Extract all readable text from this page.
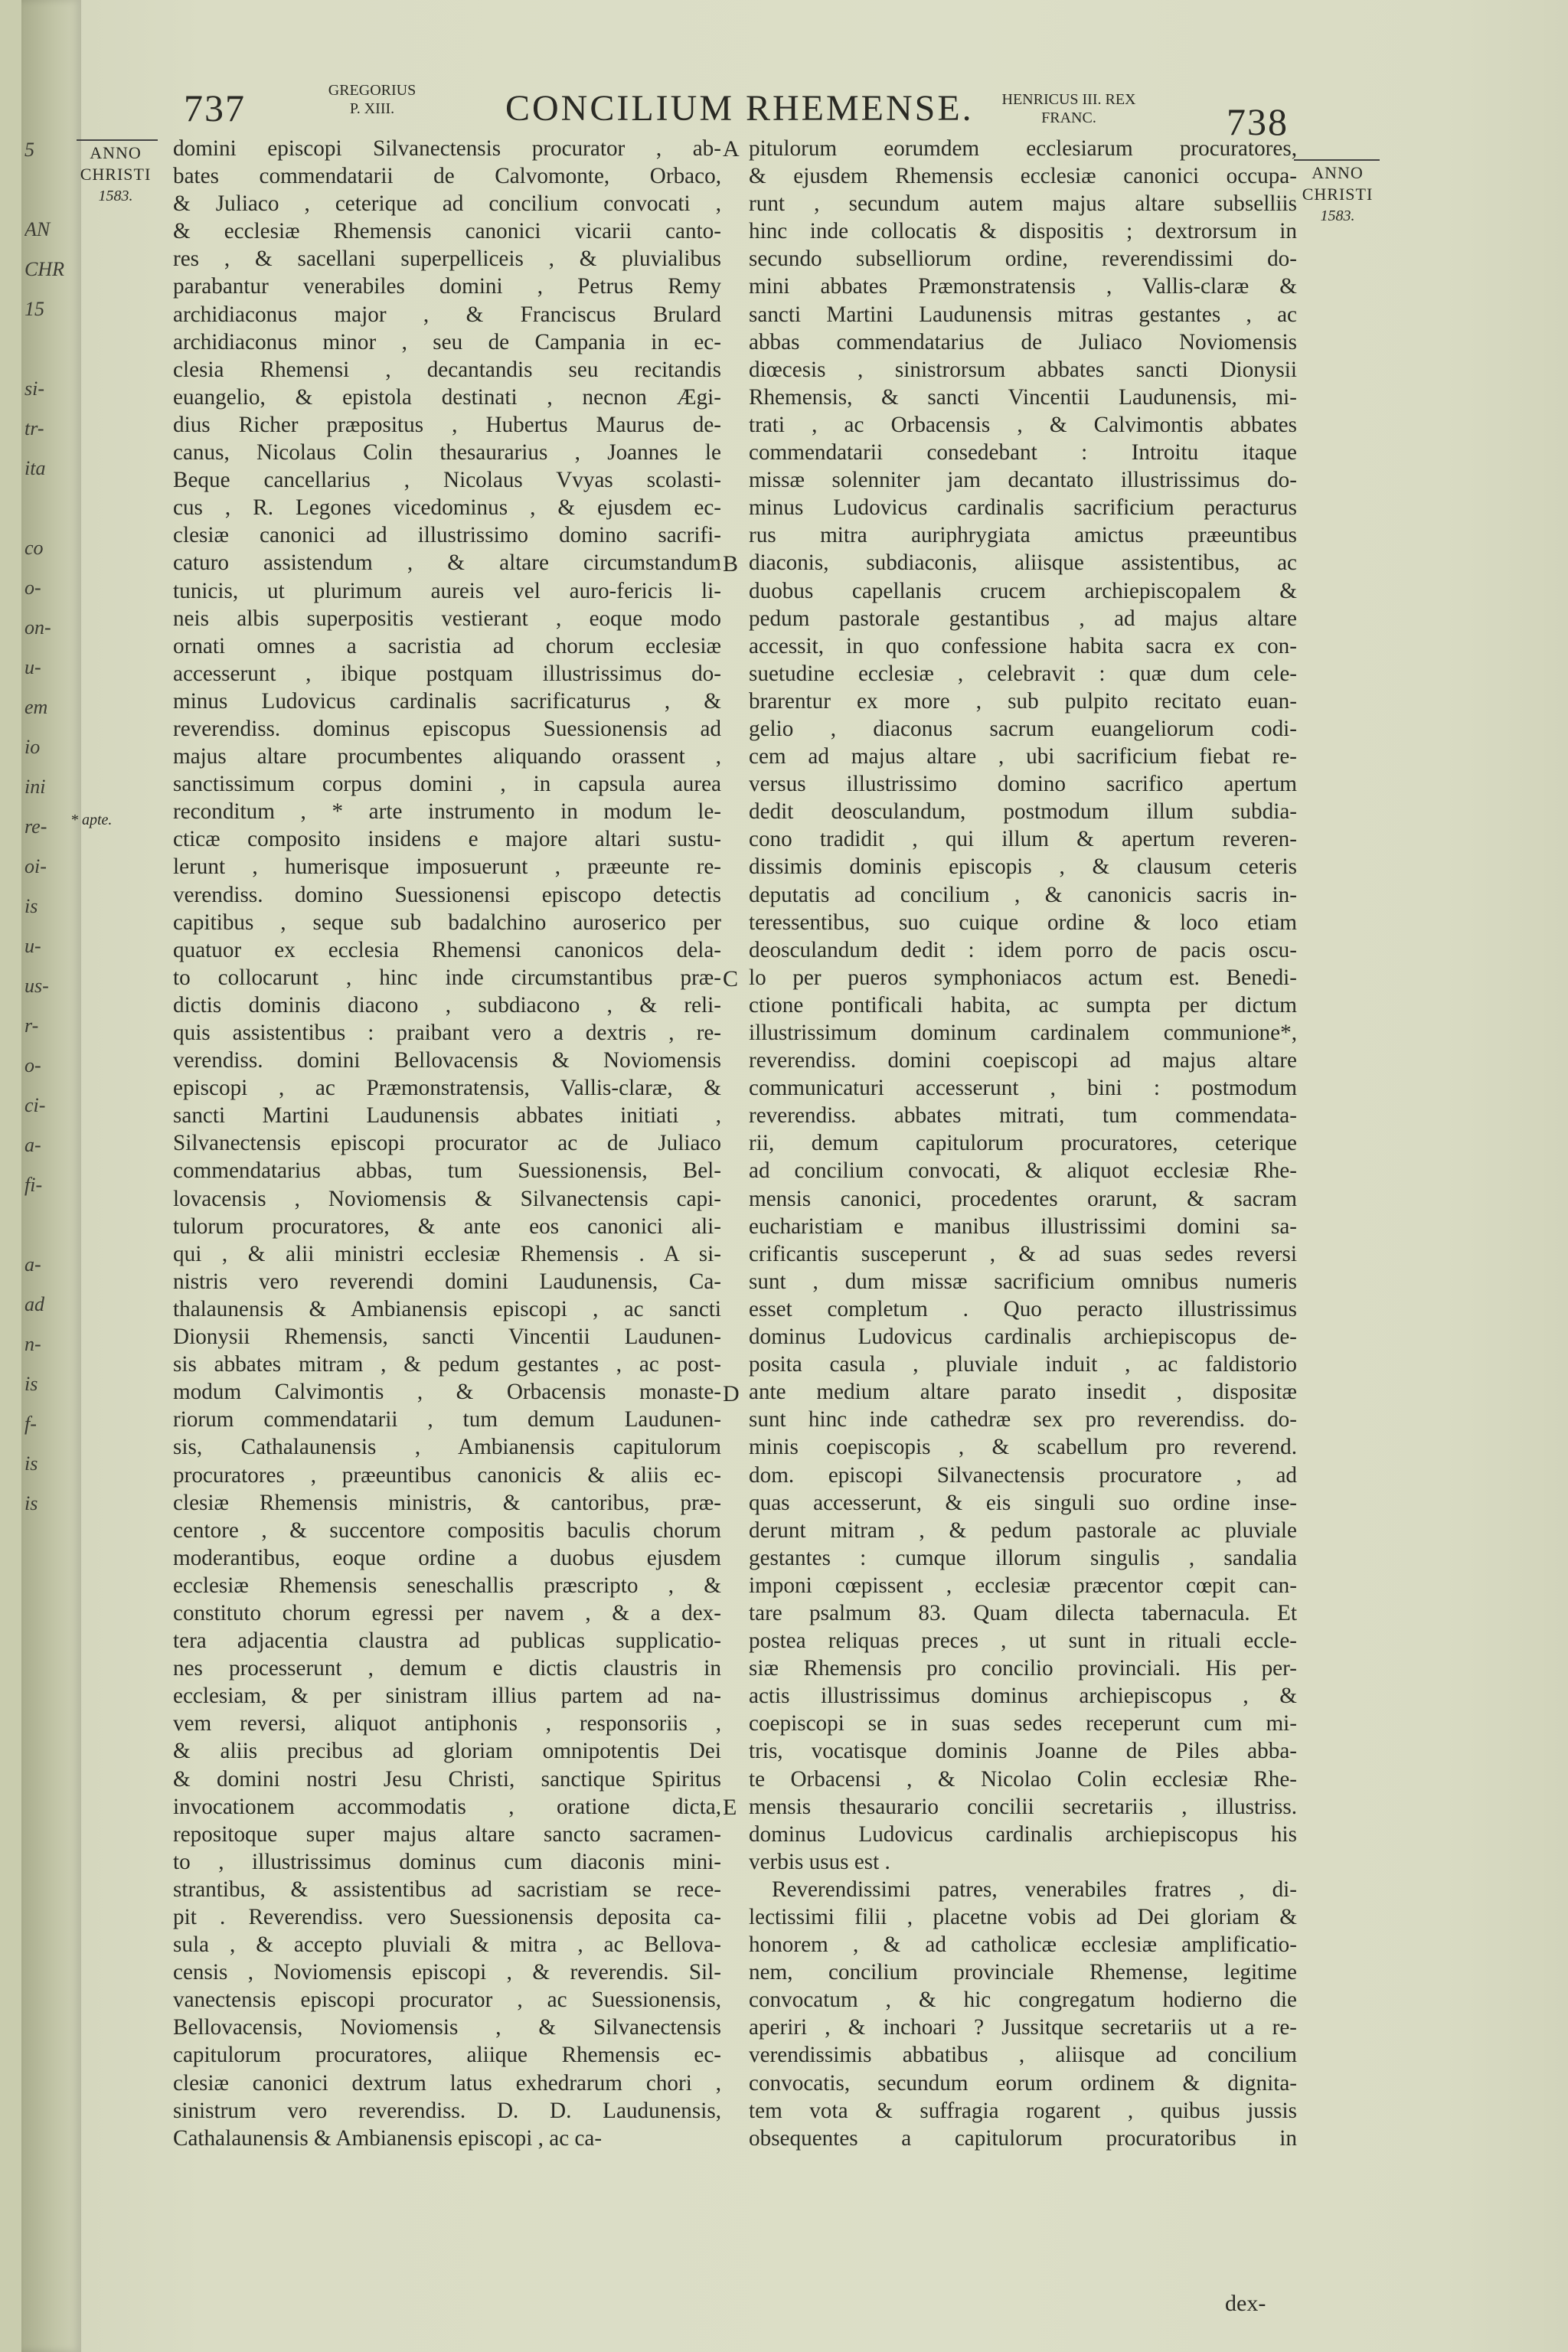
5

AN
CHR
15

si-
tr-
ita

co
o-
on-
u-
em
io
ini
re-
oi-
is
u-
us-
r-
o-
ci-
a-
fi-

a-
ad
n-
is
f-
is
is
737	GREGORIUS P. XIII.	CONCILIUM RHEMENSE. HENRICUS III. REX FRANC.	738
ANNO CHRISTI
1583.
ANNO CHRISTI
1583.
* apte.
A
B
C
D
E
domini episcopi Silvanectensis procurator , ab-
bates commendatarii de Calvomonte, Orbaco,
& Juliaco , ceterique ad concilium convocati ,
& ecclesiæ Rhemensis canonici vicarii canto-
res , & sacellani superpelliceis , & pluvialibus
parabantur venerabiles domini , Petrus Remy
archidiaconus major , & Franciscus Brulard
archidiaconus minor , seu de Campania in ec-
clesia Rhemensi , decantandis seu recitandis
euangelio, & epistola destinati , necnon Ægi-
dius Richer præpositus , Hubertus Maurus de-
canus, Nicolaus Colin thesaurarius , Joannes le
Beque cancellarius , Nicolaus Vvyas scolasti-
cus , R. Legones vicedominus , & ejusdem ec-
clesiæ canonici ad illustrissimo domino sacrifi-
caturo assistendum , & altare circumstandum
tunicis, ut plurimum aureis vel auro-fericis li-
neis albis superpositis vestierant , eoque modo
ornati omnes a sacristia ad chorum ecclesiæ
accesserunt , ibique postquam illustrissimus do-
minus Ludovicus cardinalis sacrificaturus , &
reverendiss. dominus episcopus Suessionensis ad
majus altare procumbentes aliquando orassent ,
sanctissimum corpus domini , in capsula aurea
reconditum , * arte instrumento in modum le-
cticæ composito insidens e majore altari sustu-
lerunt , humerisque imposuerunt , præeunte re-
verendiss. domino Suessionensi episcopo detectis
capitibus , seque sub badalchino auroserico per
quatuor ex ecclesia Rhemensi canonicos dela-
to collocarunt , hinc inde circumstantibus præ-
dictis dominis diacono , subdiacono , & reli-
quis assistentibus : praibant vero a dextris , re-
verendiss. domini Bellovacensis & Noviomensis
episcopi , ac Præmonstratensis, Vallis-claræ, &
sancti Martini Laudunensis abbates initiati ,
Silvanectensis episcopi procurator ac de Juliaco
commendatarius abbas, tum Suessionensis, Bel-
lovacensis , Noviomensis & Silvanectensis capi-
tulorum procuratores, & ante eos canonici ali-
qui , & alii ministri ecclesiæ Rhemensis . A si-
nistris vero reverendi domini Laudunensis, Ca-
thalaunensis & Ambianensis episcopi , ac sancti
Dionysii Rhemensis, sancti Vincentii Laudunen-
sis abbates mitram , & pedum gestantes , ac post-
modum Calvimontis , & Orbacensis monaste-
riorum commendatarii , tum demum Laudunen-
sis, Cathalaunensis , Ambianensis capitulorum
procuratores , præeuntibus canonicis & aliis ec-
clesiæ Rhemensis ministris, & cantoribus, præ-
centore , & succentore compositis baculis chorum
moderantibus, eoque ordine a duobus ejusdem
ecclesiæ Rhemensis seneschallis præscripto , &
constituto chorum egressi per navem , & a dex-
tera adjacentia claustra ad publicas supplicatio-
nes processerunt , demum e dictis claustris in
ecclesiam, & per sinistram illius partem ad na-
vem reversi, aliquot antiphonis , responsoriis ,
& aliis precibus ad gloriam omnipotentis Dei
& domini nostri Jesu Christi, sanctique Spiritus
invocationem accommodatis , oratione dicta,
repositoque super majus altare sancto sacramen-
to , illustrissimus dominus cum diaconis mini-
strantibus, & assistentibus ad sacristiam se rece-
pit . Reverendiss. vero Suessionensis deposita ca-
sula , & accepto pluviali & mitra , ac Bellova-
censis , Noviomensis episcopi , & reverendis. Sil-
vanectensis episcopi procurator , ac Suessionensis,
Bellovacensis, Noviomensis , & Silvanectensis
capitulorum procuratores, aliique Rhemensis ec-
clesiæ canonici dextrum latus exhedrarum chori ,
sinistrum vero reverendiss. D. D. Laudunensis,
Cathalaunensis & Ambianensis episcopi , ac ca-
pitulorum eorumdem ecclesiarum procuratores,
& ejusdem Rhemensis ecclesiæ canonici occupa-
runt , secundum autem majus altare subselliis
hinc inde collocatis & dispositis ; dextrorsum in
secundo subselliorum ordine, reverendissimi do-
mini abbates Præmonstratensis , Vallis-claræ &
sancti Martini Laudunensis mitras gestantes , ac
abbas commendatarius de Juliaco Noviomensis
diœcesis , sinistrorsum abbates sancti Dionysii
Rhemensis, & sancti Vincentii Laudunensis, mi-
trati , ac Orbacensis , & Calvimontis abbates
commendatarii consedebant : Introitu itaque
missæ solenniter jam decantato illustrissimus do-
minus Ludovicus cardinalis sacrificium peracturus
rus mitra auriphrygiata amictus præeuntibus
diaconis, subdiaconis, aliisque assistentibus, ac
duobus capellanis crucem archiepiscopalem &
pedum pastorale gestantibus , ad majus altare
accessit, in quo confessione habita sacra ex con-
suetudine ecclesiæ , celebravit : quæ dum cele-
brarentur ex more , sub pulpito recitato euan-
gelio , diaconus sacrum euangeliorum codi-
cem ad majus altare , ubi sacrificium fiebat re-
versus illustrissimo domino sacrifico apertum
dedit deosculandum, postmodum illum subdia-
cono tradidit , qui illum & apertum reveren-
dissimis dominis episcopis , & clausum ceteris
deputatis ad concilium , & canonicis sacris in-
teressentibus, suo cuique ordine & loco etiam
deosculandum dedit : idem porro de pacis oscu-
lo per pueros symphoniacos actum est. Benedi-
ctione pontificali habita, ac sumpta per dictum
illustrissimum dominum cardinalem communione*,
reverendiss. domini coepiscopi ad majus altare
communicaturi accesserunt , bini : postmodum
reverendiss. abbates mitrati, tum commendata-
rii, demum capitulorum procuratores, ceterique
ad concilium convocati, & aliquot ecclesiæ Rhe-
mensis canonici, procedentes orarunt, & sacram
eucharistiam e manibus illustrissimi domini sa-
crificantis susceperunt , & ad suas sedes reversi
sunt , dum missæ sacrificium omnibus numeris
esset completum . Quo peracto illustrissimus
dominus Ludovicus cardinalis archiepiscopus de-
posita casula , pluviale induit , ac faldistorio
ante medium altare parato insedit , dispositæ
sunt hinc inde cathedræ sex pro reverendiss. do-
minis coepiscopis , & scabellum pro reverend.
dom. episcopi Silvanectensis procuratore , ad
quas accesserunt, & eis singuli suo ordine inse-
derunt mitram , & pedum pastorale ac pluviale
gestantes : cumque illorum singulis , sandalia
imponi cœpissent , ecclesiæ præcentor cœpit can-
tare psalmum 83. Quam dilecta tabernacula. Et
postea reliquas preces , ut sunt in rituali eccle-
siæ Rhemensis pro concilio provinciali. His per-
actis illustrissimus dominus archiepiscopus , &
coepiscopi se in suas sedes receperunt cum mi-
tris, vocatisque dominis Joanne de Piles abba-
te Orbacensi , & Nicolao Colin ecclesiæ Rhe-
mensis thesaurario concilii secretariis , illustriss.
dominus Ludovicus cardinalis archiepiscopus his
verbis usus est .
Reverendissimi patres, venerabiles fratres , di-
lectissimi filii , placetne vobis ad Dei gloriam &
honorem , & ad catholicæ ecclesiæ amplificatio-
nem, concilium provinciale Rhemense, legitime
convocatum , & hic congregatum hodierno die
aperiri , & inchoari ? Jussitque secretariis ut a re-
verendissimis abbatibus , aliisque ad concilium
convocatis, secundum eorum ordinem & dignita-
tem vota & suffragia rogarent , quibus jussis
obsequentes a capitulorum procuratoribus in
dex-
